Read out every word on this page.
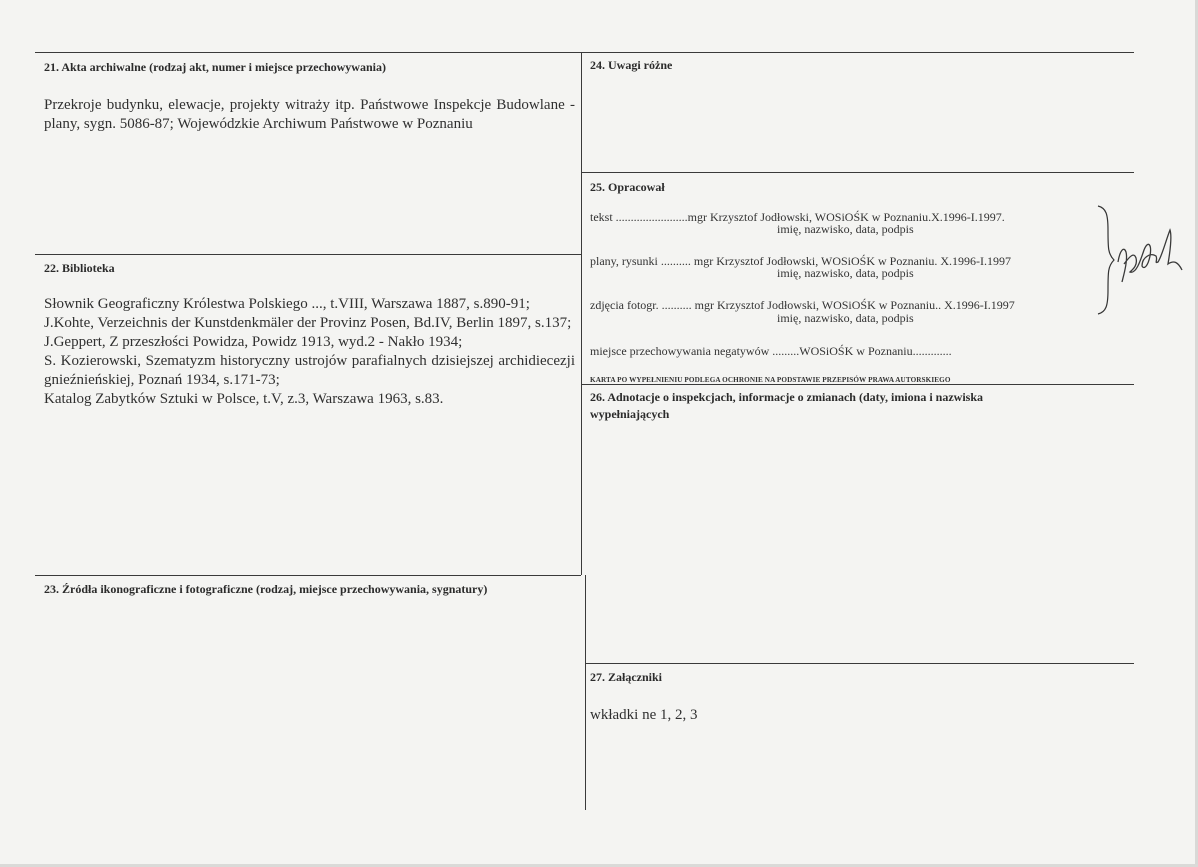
21. Akta archiwalne (rodzaj akt, numer i miejsce przechowywania)
Przekroje budynku, elewacje, projekty witraży itp. Państwowe Inspekcje Budowlane - plany, sygn. 5086-87; Wojewódzkie Archiwum Państwowe w Poznaniu
22. Biblioteka

Słownik Geograficzny Królestwa Polskiego ..., t.VIII, Warszawa 1887, s.890-91;

J.Kohte, Verzeichnis der Kunstdenkmäler der Provinz Posen, Bd.IV, Berlin 1897, s.137;

J.Geppert, Z przeszłości Powidza, Powidz 1913, wyd.2 - Nakło 1934;

S. Kozierowski, Szematyzm historyczny ustrojów parafialnych dzisiejszej archidiecezji gnieźnieńskiej, Poznań 1934, s.171-73;

Katalog Zabytków Sztuki w Polsce, t.V, z.3, Warszawa 1963, s.83.

23. Źródła ikonograficzne i fotograficzne (rodzaj, miejsce przechowywania, sygnatury)
24. Uwagi różne
25. Opracował
tekst ........................mgr Krzysztof Jodłowski, WOSiOŚK w Poznaniu.X.1996-I.1997.
imię, nazwisko, data, podpis
plany, rysunki .......... mgr Krzysztof Jodłowski, WOSiOŚK w Poznaniu. X.1996-I.1997
imię, nazwisko, data, podpis
zdjęcia fotogr. .......... mgr Krzysztof Jodłowski, WOSiOŚK w Poznaniu.. X.1996-I.1997
imię, nazwisko, data, podpis
miejsce przechowywania negatywów .........WOSiOŚK w Poznaniu.............
KARTA PO WYPEŁNIENIU PODLEGA OCHRONIE NA PODSTAWIE PRZEPISÓW PRAWA AUTORSKIEGO
26. Adnotacje o inspekcjach, informacje o zmianach (daty, imiona i nazwiska
wypełniających
27. Załączniki
wkładki ne 1, 2, 3
